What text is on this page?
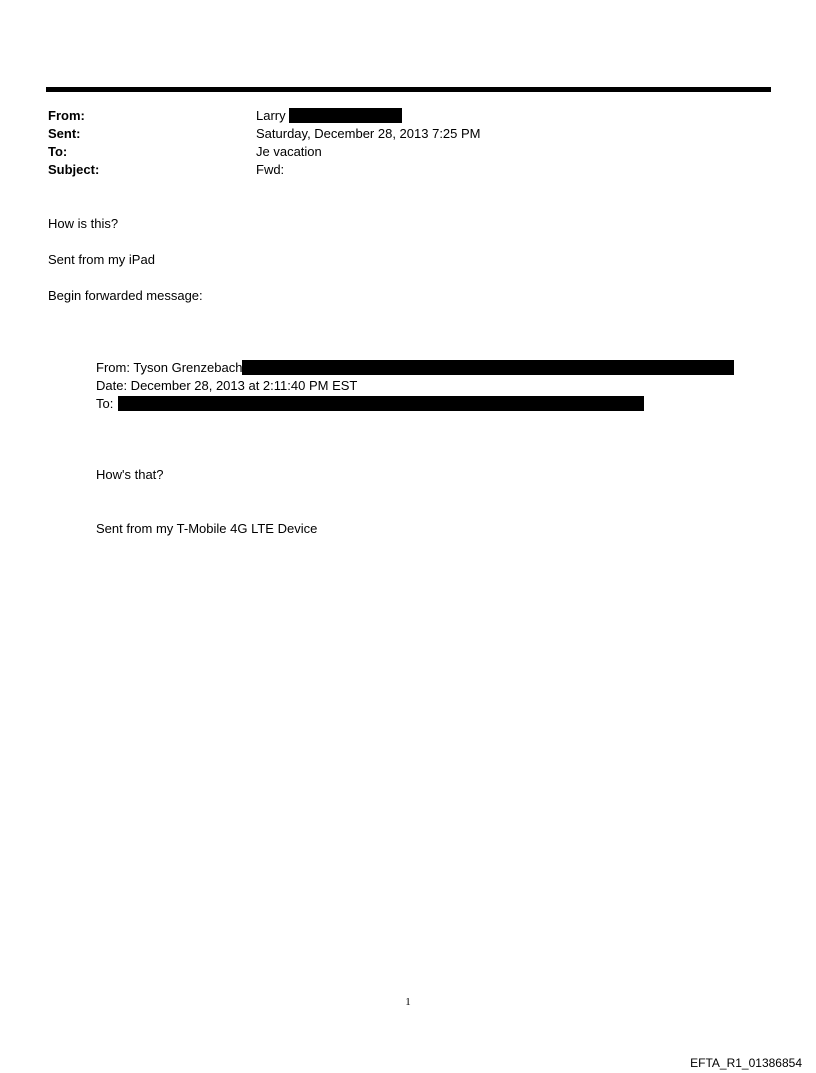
From:	Larry
Sent:	Saturday, December 28, 2013 7:25 PM
To:	Je vacation
Subject:	Fwd:
How is this?
Sent from my iPad
Begin forwarded message:
From: Tyson Grenzebach
Date: December 28, 2013 at 2:11:40 PM EST
To:
How's that?
Sent from my T-Mobile 4G LTE Device
1
EFTA_R1_01386854
